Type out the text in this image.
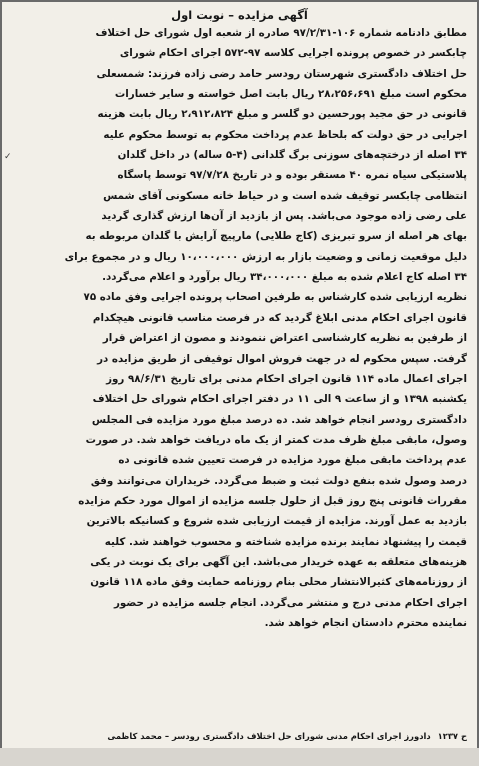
آگهی مزایده – نوبت اول
مطابق دادنامه شماره ۱۰۶-۹۷/۲/۳۱ صادره از شعبه اول شورای حل اختلاف
چابکسر در خصوص پرونده اجرایی کلاسه ۹۷-۵۷۲ اجرای احکام شورای
حل اختلاف دادگستری شهرستان رودسر حامد رضی زاده فرزند: شمسعلی
محکوم است مبلغ ۲۸،۲۵۶،۶۹۱ ریال بابت اصل خواسته و سایر خسارات
قانونی در حق مجید پورحسین دو گلسر و مبلغ ۲،۹۱۲،۸۲۴ ریال بابت هزینه
اجرایی در حق دولت که بلحاظ عدم پرداخت محکوم به توسط محکوم علیه
۳۴ اصله از درختچه‌های سوزنی برگ گلدانی (۴-۵ ساله) در داخل گلدان
پلاستیکی سیاه نمره ۴۰ مستقر بوده و در تاریخ ۹۷/۷/۲۸ توسط پاسگاه
انتظامی چابکسر توقیف شده است و در حیاط خانه مسکونی آقای شمس
علی رضی زاده موجود می‌باشد. پس از بازدید از آن‌ها ارزش گذاری گردید
بهای هر اصله از سرو تبریزی (کاج طلایی) مارپیچ آرایش با گلدان مربوطه به
دلیل موقعیت زمانی و وضعیت بازار به ارزش ۱۰،۰۰۰،۰۰۰ ریال و در مجموع برای
۳۴ اصله کاج اعلام شده به مبلغ ۳۴،۰۰۰،۰۰۰ ریال برآورد و اعلام می‌گردد.
نظریه ارزیابی شده کارشناس به طرفین اصحاب پرونده اجرایی وفق ماده ۷۵
قانون اجرای احکام مدنی ابلاغ گردید که در فرصت مناسب قانونی هیچکدام
از طرفین به نظریه کارشناسی اعتراض ننمودند و مصون از اعتراض قرار
گرفت. سپس محکوم له در جهت فروش اموال توقیفی از طریق مزایده در
اجرای اعمال ماده ۱۱۴ قانون اجرای احکام مدنی برای تاریخ ۹۸/۶/۳۱ روز
یکشنبه ۱۳۹۸ و از ساعت ۹ الی ۱۱ در دفتر اجرای احکام شورای حل اختلاف
دادگستری رودسر انجام خواهد شد. ده درصد مبلغ مورد مزایده فی المجلس
وصول، مابقی مبلغ ظرف مدت کمتر از یک ماه دریافت خواهد شد. در صورت
عدم پرداخت مابقی مبلغ مورد مزایده در فرصت تعیین شده قانونی ده
درصد وصول شده بنفع دولت ثبت و ضبط می‌گردد. خریداران می‌توانند وفق
مقررات قانونی پنج روز قبل از حلول جلسه مزایده از اموال مورد حکم مزایده
بازدید به عمل آورند. مزایده از قیمت ارزیابی شده شروع و کسانیکه بالاترین
قیمت را پیشنهاد نمایند برنده مزایده شناخته و محسوب خواهند شد. کلیه
هزینه‌های متعلقه به عهده خریدار می‌باشد. این آگهی برای یک نوبت در یکی
از روزنامه‌های کثیرالانتشار محلی بنام روزنامه حمایت وفق ماده ۱۱۸ قانون
اجرای احکام مدنی درج و منتشر می‌گردد. انجام جلسه مزایده در حضور
نماینده محترم دادستان انجام خواهد شد.
ح ۱۲۳۷ دادورز اجرای احکام مدنی شورای حل اختلاف دادگستری رودسر – محمد کاظمی
✓
